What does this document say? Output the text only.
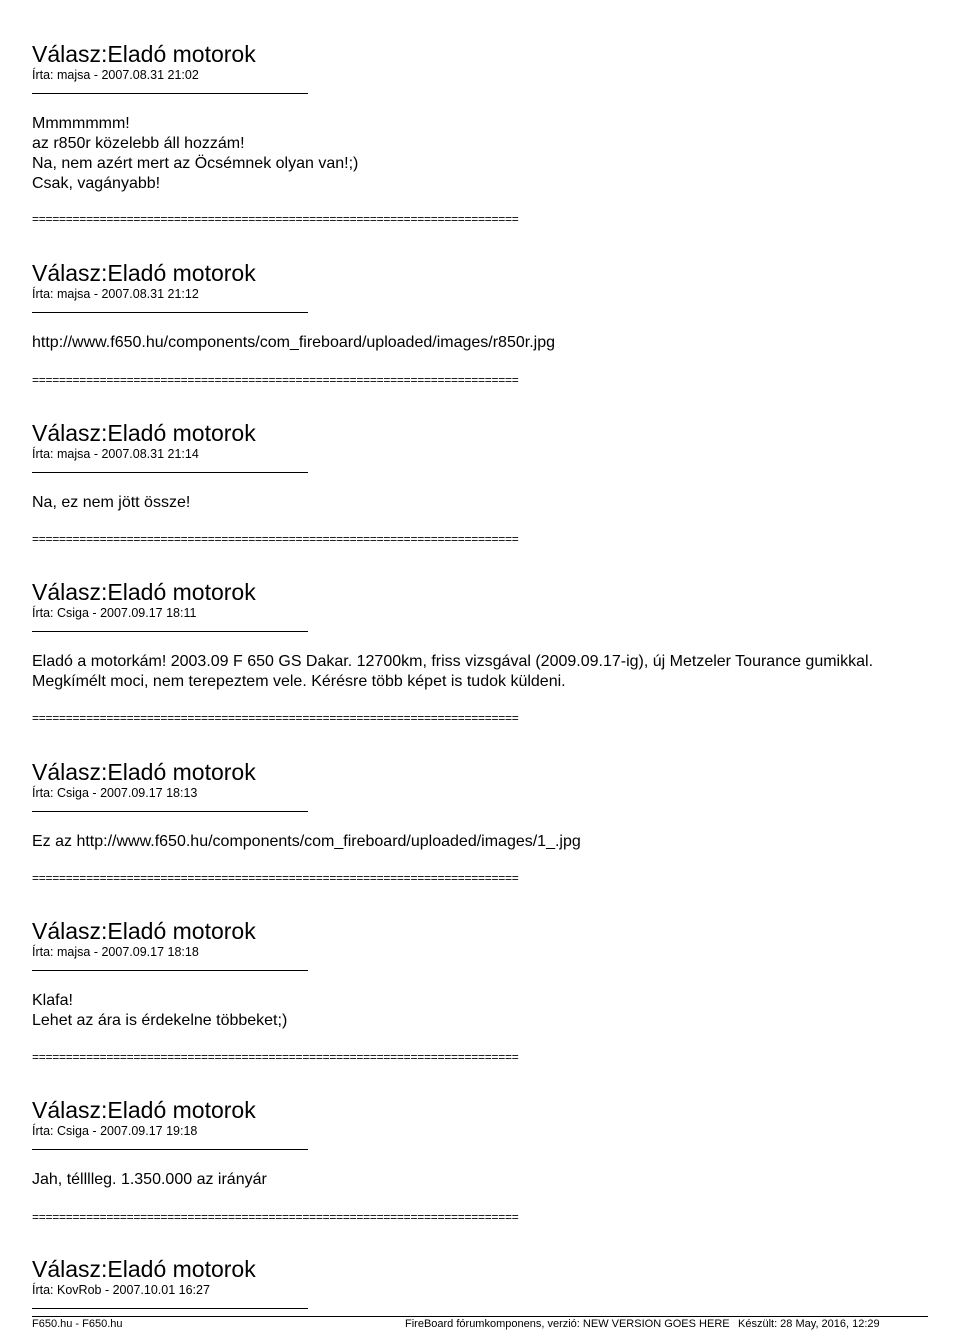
Válasz:Eladó motorok
Írta: majsa - 2007.08.31 21:02

Mmmmmmm!

az r850r közelebb áll hozzám!

Na, nem azért mert az Öcsémnek olyan van!;)

Csak, vagányabb!

========================================================================
Válasz:Eladó motorok
Írta: majsa - 2007.08.31 21:12

http://www.f650.hu/components/com_fireboard/uploaded/images/r850r.jpg

========================================================================
Válasz:Eladó motorok
Írta: majsa - 2007.08.31 21:14

Na, ez nem jött össze!

========================================================================
Válasz:Eladó motorok
Írta: Csiga - 2007.09.17 18:11

Eladó a motorkám! 2003.09 F 650 GS Dakar. 12700km, friss vizsgával (2009.09.17-ig), új Metzeler Tourance gumikkal.

Megkímélt moci, nem terepeztem vele. Kérésre több képet is tudok küldeni.

========================================================================
Válasz:Eladó motorok
Írta: Csiga - 2007.09.17 18:13

Ez az http://www.f650.hu/components/com_fireboard/uploaded/images/1_.jpg

========================================================================
Válasz:Eladó motorok
Írta: majsa - 2007.09.17 18:18

Klafa!

Lehet az ára is érdekelne többeket;)

========================================================================
Válasz:Eladó motorok
Írta: Csiga - 2007.09.17 19:18

Jah, télllleg. 1.350.000 az irányár

========================================================================
Válasz:Eladó motorok
Írta: KovRob - 2007.10.01 16:27
F650.hu - F650.hu	FireBoard fórumkomponens, verzió: NEW VERSION GOES HERE Készült: 28 May, 2016, 12:29
